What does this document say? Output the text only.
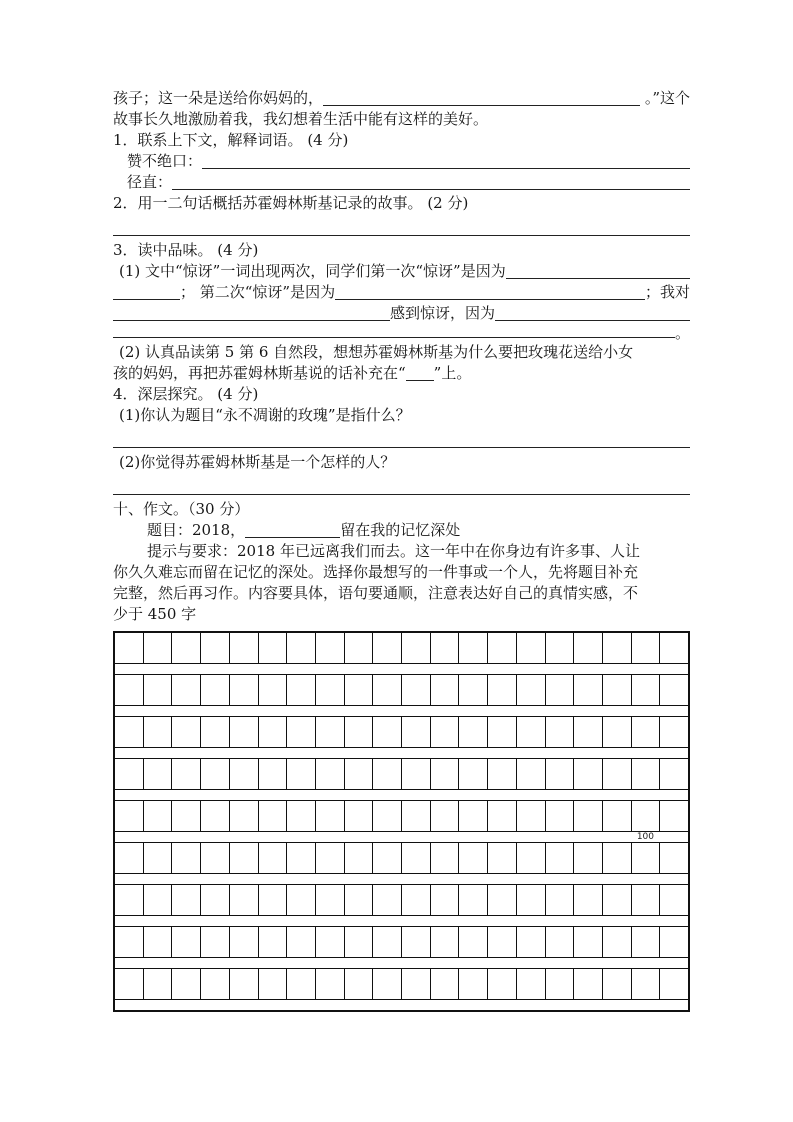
孩子；这一朵是送给你妈妈的，	。”这个
故事长久地激励着我，我幻想着生活中能有这样的美好。
1．联系上下文，解释词语。 (4 分)
赞不绝口：
径直：
2．用一二句话概括苏霍姆林斯基记录的故事。 (2 分)
3．读中品味。 (4 分)
(1) 文中“惊讶”一词出现两次，同学们第一次“惊讶”是因为
； 第二次“惊讶”是因为	；我对
感到惊讶，因为
。
(2) 认真品读第 5 第 6 自然段，想想苏霍姆林斯基为什么要把玫瑰花送给小女
孩的妈妈，再把苏霍姆林斯基说的话补充在“ ”上。
4．深层探究。 (4 分)
(1)你认为题目“永不凋谢的玫瑰”是指什么？
(2)你觉得苏霍姆林斯基是一个怎样的人？
十、作文。（30 分）
题目：2018，	留在我的记忆深处
提示与要求：2018 年已远离我们而去。这一年中在你身边有许多事、人让
你久久难忘而留在记忆的深处。选择你最想写的一件事或一个人，先将题目补充
完整，然后再习作。内容要具体，语句要通顺，注意表达好自己的真情实感，不
少于 450 字
100
